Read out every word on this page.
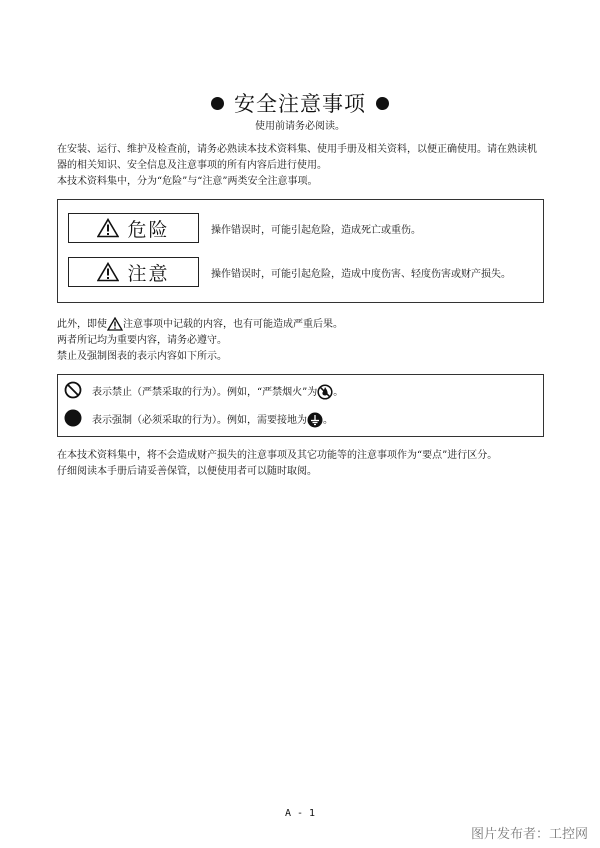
安全注意事项
使用前请务必阅读。
在安装、运行、维护及检查前，请务必熟读本技术资料集、使用手册及相关资料，以便正确使用。请在熟读机
器的相关知识、安全信息及注意事项的所有内容后进行使用。
本技术资料集中，分为“危险”与“注意”两类安全注意事项。
危险	操作错误时，可能引起危险，造成死亡或重伤。
注意	操作错误时，可能引起危险，造成中度伤害、轻度伤害或财产损失。
此外，即使 注意事项中记载的内容，也有可能造成严重后果。
两者所记均为重要内容，请务必遵守。
禁止及强制图表的表示内容如下所示。
表示禁止（严禁采取的行为）。例如，“严禁烟火”为 。
表示强制（必须采取的行为）。例如，需要接地为 。
在本技术资料集中，将不会造成财产损失的注意事项及其它功能等的注意事项作为“要点”进行区分。
仔细阅读本手册后请妥善保管，以便使用者可以随时取阅。
A - 1
图片发布者：工控网
